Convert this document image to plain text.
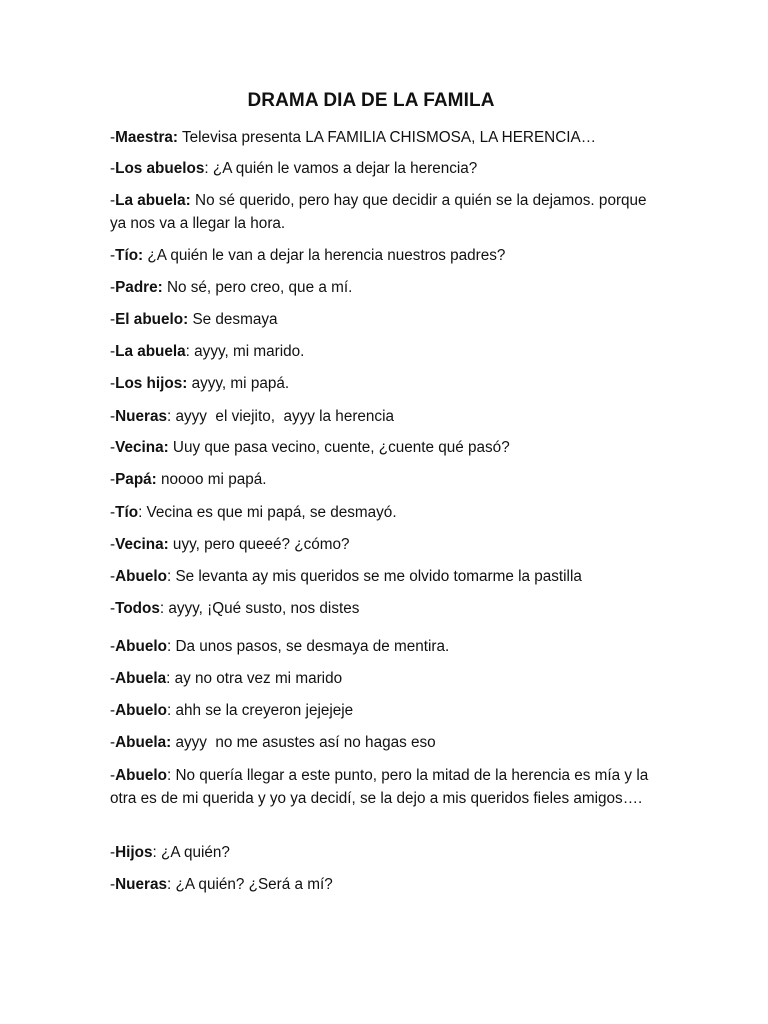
DRAMA DIA DE LA FAMILA

-Maestra: Televisa presenta LA FAMILIA CHISMOSA, LA HERENCIA…

-Los abuelos: ¿A quién le vamos a dejar la herencia?

-La abuela: No sé querido, pero hay que decidir a quién se la dejamos. porque ya nos va a llegar la hora.

-Tío: ¿A quién le van a dejar la herencia nuestros padres?

-Padre: No sé, pero creo, que a mí.

-El abuelo: Se desmaya

-La abuela: ayyy, mi marido.

-Los hijos: ayyy, mi papá.

-Nueras: ayyy  el viejito,  ayyy la herencia

-Vecina: Uuy que pasa vecino, cuente, ¿cuente qué pasó?

-Papá: noooo mi papá.

-Tío: Vecina es que mi papá, se desmayó.

-Vecina: uyy, pero queeé? ¿cómo?

-Abuelo: Se levanta ay mis queridos se me olvido tomarme la pastilla

-Todos: ayyy, ¡Qué susto, nos distes

-Abuelo: Da unos pasos, se desmaya de mentira.

-Abuela: ay no otra vez mi marido

-Abuelo: ahh se la creyeron jejejeje

-Abuela: ayyy  no me asustes así no hagas eso

-Abuelo: No quería llegar a este punto, pero la mitad de la herencia es mía y la otra es de mi querida y yo ya decidí, se la dejo a mis queridos fieles amigos….

-Hijos: ¿A quién?

-Nueras: ¿A quién? ¿Será a mí?
